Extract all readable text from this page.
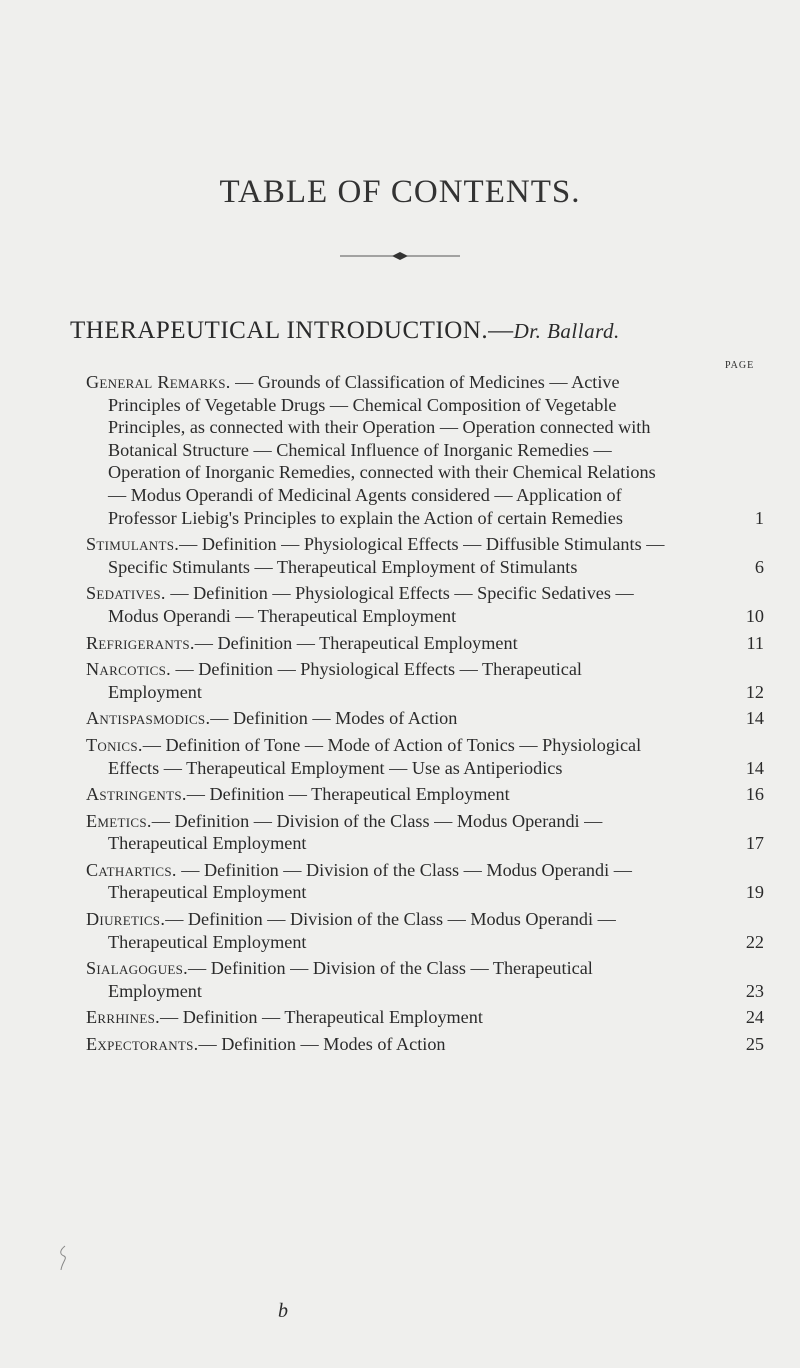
TABLE OF CONTENTS.
THERAPEUTICAL INTRODUCTION.—Dr. Ballard.
PAGE
General Remarks. — Grounds of Classification of Medicines — Active Principles of Vegetable Drugs — Chemical Composition of Vegetable Principles, as connected with their Operation — Operation connected with Botanical Structure — Chemical Influence of Inorganic Remedies — Operation of Inorganic Remedies, connected with their Chemical Relations — Modus Operandi of Medicinal Agents considered — Application of Professor Liebig's Principles to explain the Action of certain Remedies	1
Stimulants.— Definition — Physiological Effects — Diffusible Stimulants — Specific Stimulants — Therapeutical Employment of Stimulants	6
Sedatives. — Definition — Physiological Effects — Specific Sedatives — Modus Operandi — Therapeutical Employment	10
Refrigerants.— Definition — Therapeutical Employment	11
Narcotics. — Definition — Physiological Effects — Therapeutical Employment	12
Antispasmodics.— Definition — Modes of Action	14
Tonics.— Definition of Tone — Mode of Action of Tonics — Physiological Effects — Therapeutical Employment — Use as Antiperiodics	14
Astringents.— Definition — Therapeutical Employment	16
Emetics.— Definition — Division of the Class — Modus Operandi — Therapeutical Employment	17
Cathartics. — Definition — Division of the Class — Modus Operandi — Therapeutical Employment	19
Diuretics.— Definition — Division of the Class — Modus Operandi — Therapeutical Employment	22
Sialagogues.— Definition — Division of the Class — Therapeutical Employment	23
Errhines.— Definition — Therapeutical Employment	24
Expectorants.— Definition — Modes of Action	25
b
